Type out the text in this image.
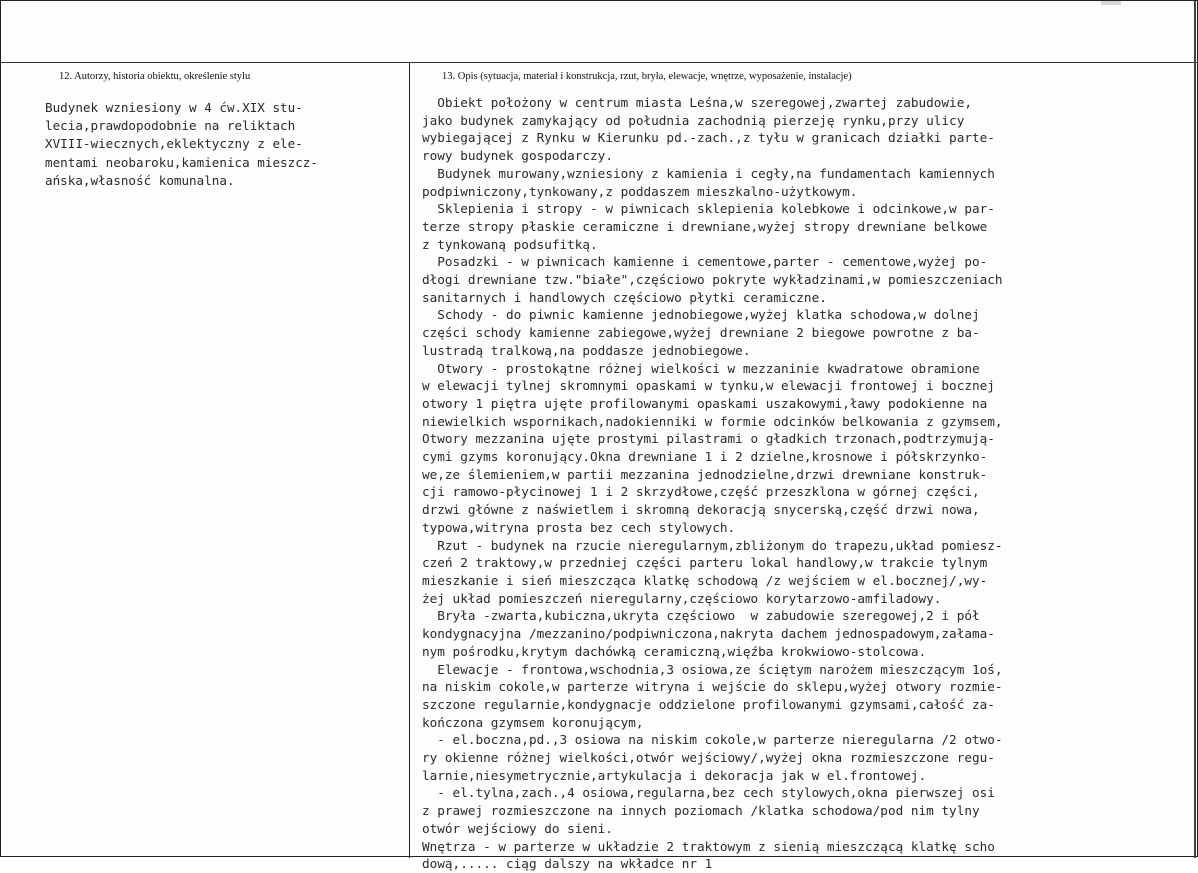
12. Autorzy, historia obiektu, określenie stylu	13. Opis (sytuacja, materiał i konstrukcja, rzut, bryła, elewacje, wnętrze, wyposażenie, instalacje)
Budynek wzniesiony w 4 ćw.XIX stu-
lecia,prawdopodobnie na reliktach
XVIII-wiecznych,eklektyczny z ele-
mentami neobaroku,kamienica mieszcz-
ańska,własność komunalna.
Obiekt położony w centrum miasta Leśna,w szeregowej,zwartej zabudowie,
jako budynek zamykający od południa zachodnią pierzeję rynku,przy ulicy
wybiegającej z Rynku w Kierunku pd.-zach.,z tyłu w granicach działki parte-
rowy budynek gospodarczy.
Budynek murowany,wzniesiony z kamienia i cegły,na fundamentach kamiennych
podpiwniczony,tynkowany,z poddaszem mieszkalno-użytkowym.
Sklepienia i stropy - w piwnicach sklepienia kolebkowe i odcinkowe,w par-
terze stropy płaskie ceramiczne i drewniane,wyżej stropy drewniane belkowe
z tynkowaną podsufitką.
Posadzki - w piwnicach kamienne i cementowe,parter - cementowe,wyżej po-
dłogi drewniane tzw."białe",częściowo pokryte wykładzinami,w pomieszczeniach
sanitarnych i handlowych częściowo płytki ceramiczne.
Schody - do piwnic kamienne jednobiegowe,wyżej klatka schodowa,w dolnej
części schody kamienne zabiegowe,wyżej drewniane 2 biegowe powrotne z ba-
lustradą tralkową,na poddasze jednobiegowe.
Otwory - prostokątne różnej wielkości w mezzaninie kwadratowe obramione
w elewacji tylnej skromnymi opaskami w tynku,w elewacji frontowej i bocznej
otwory 1 piętra ujęte profilowanymi opaskami uszakowymi,ławy podokienne na
niewielkich wspornikach,nadokienniki w formie odcinków belkowania z gzymsem,
Otwory mezzanina ujęte prostymi pilastrami o gładkich trzonach,podtrzymują-
cymi gzyms koronujący.Okna drewniane 1 i 2 dzielne,krosnowe i półskrzynko-
we,ze ślemieniem,w partii mezzanina jednodzielne,drzwi drewniane konstruk-
cji ramowo-płycinowej 1 i 2 skrzydłowe,część przeszklona w górnej części,
drzwi główne z naświetlem i skromną dekoracją snycerską,część drzwi nowa,
typowa,witryna prosta bez cech stylowych.
Rzut - budynek na rzucie nieregularnym,zbliżonym do trapezu,układ pomiesz-
czeń 2 traktowy,w przedniej części parteru lokal handlowy,w trakcie tylnym
mieszkanie i sień mieszcząca klatkę schodową /z wejściem w el.bocznej/,wy-
żej układ pomieszczeń nieregularny,częściowo korytarzowo-amfiladowy.
Bryła -zwarta,kubiczna,ukryta częściowo  w zabudowie szeregowej,2 i pół
kondygnacyjna /mezzanino/podpiwniczona,nakryta dachem jednospadowym,załama-
nym pośrodku,krytym dachówką ceramiczną,więźba krokwiowo-stolcowa.
Elewacje - frontowa,wschodnia,3 osiowa,ze ściętym narożem mieszczącym 1oś,
na niskim cokole,w parterze witryna i wejście do sklepu,wyżej otwory rozmie-
szczone regularnie,kondygnacje oddzielone profilowanymi gzymsami,całość za-
kończona gzymsem koronującym,
- el.boczna,pd.,3 osiowa na niskim cokole,w parterze nieregularna /2 otwo-
ry okienne różnej wielkości,otwór wejściowy/,wyżej okna rozmieszczone regu-
larnie,niesymetrycznie,artykulacja i dekoracja jak w el.frontowej.
- el.tylna,zach.,4 osiowa,regularna,bez cech stylowych,okna pierwszej osi
z prawej rozmieszczone na innych poziomach /klatka schodowa/pod nim tylny
otwór wejściowy do sieni.
Wnętrza - w parterze w układzie 2 traktowym z sienią mieszczącą klatkę scho
dową,..... ciąg dalszy na wkładce nr 1
